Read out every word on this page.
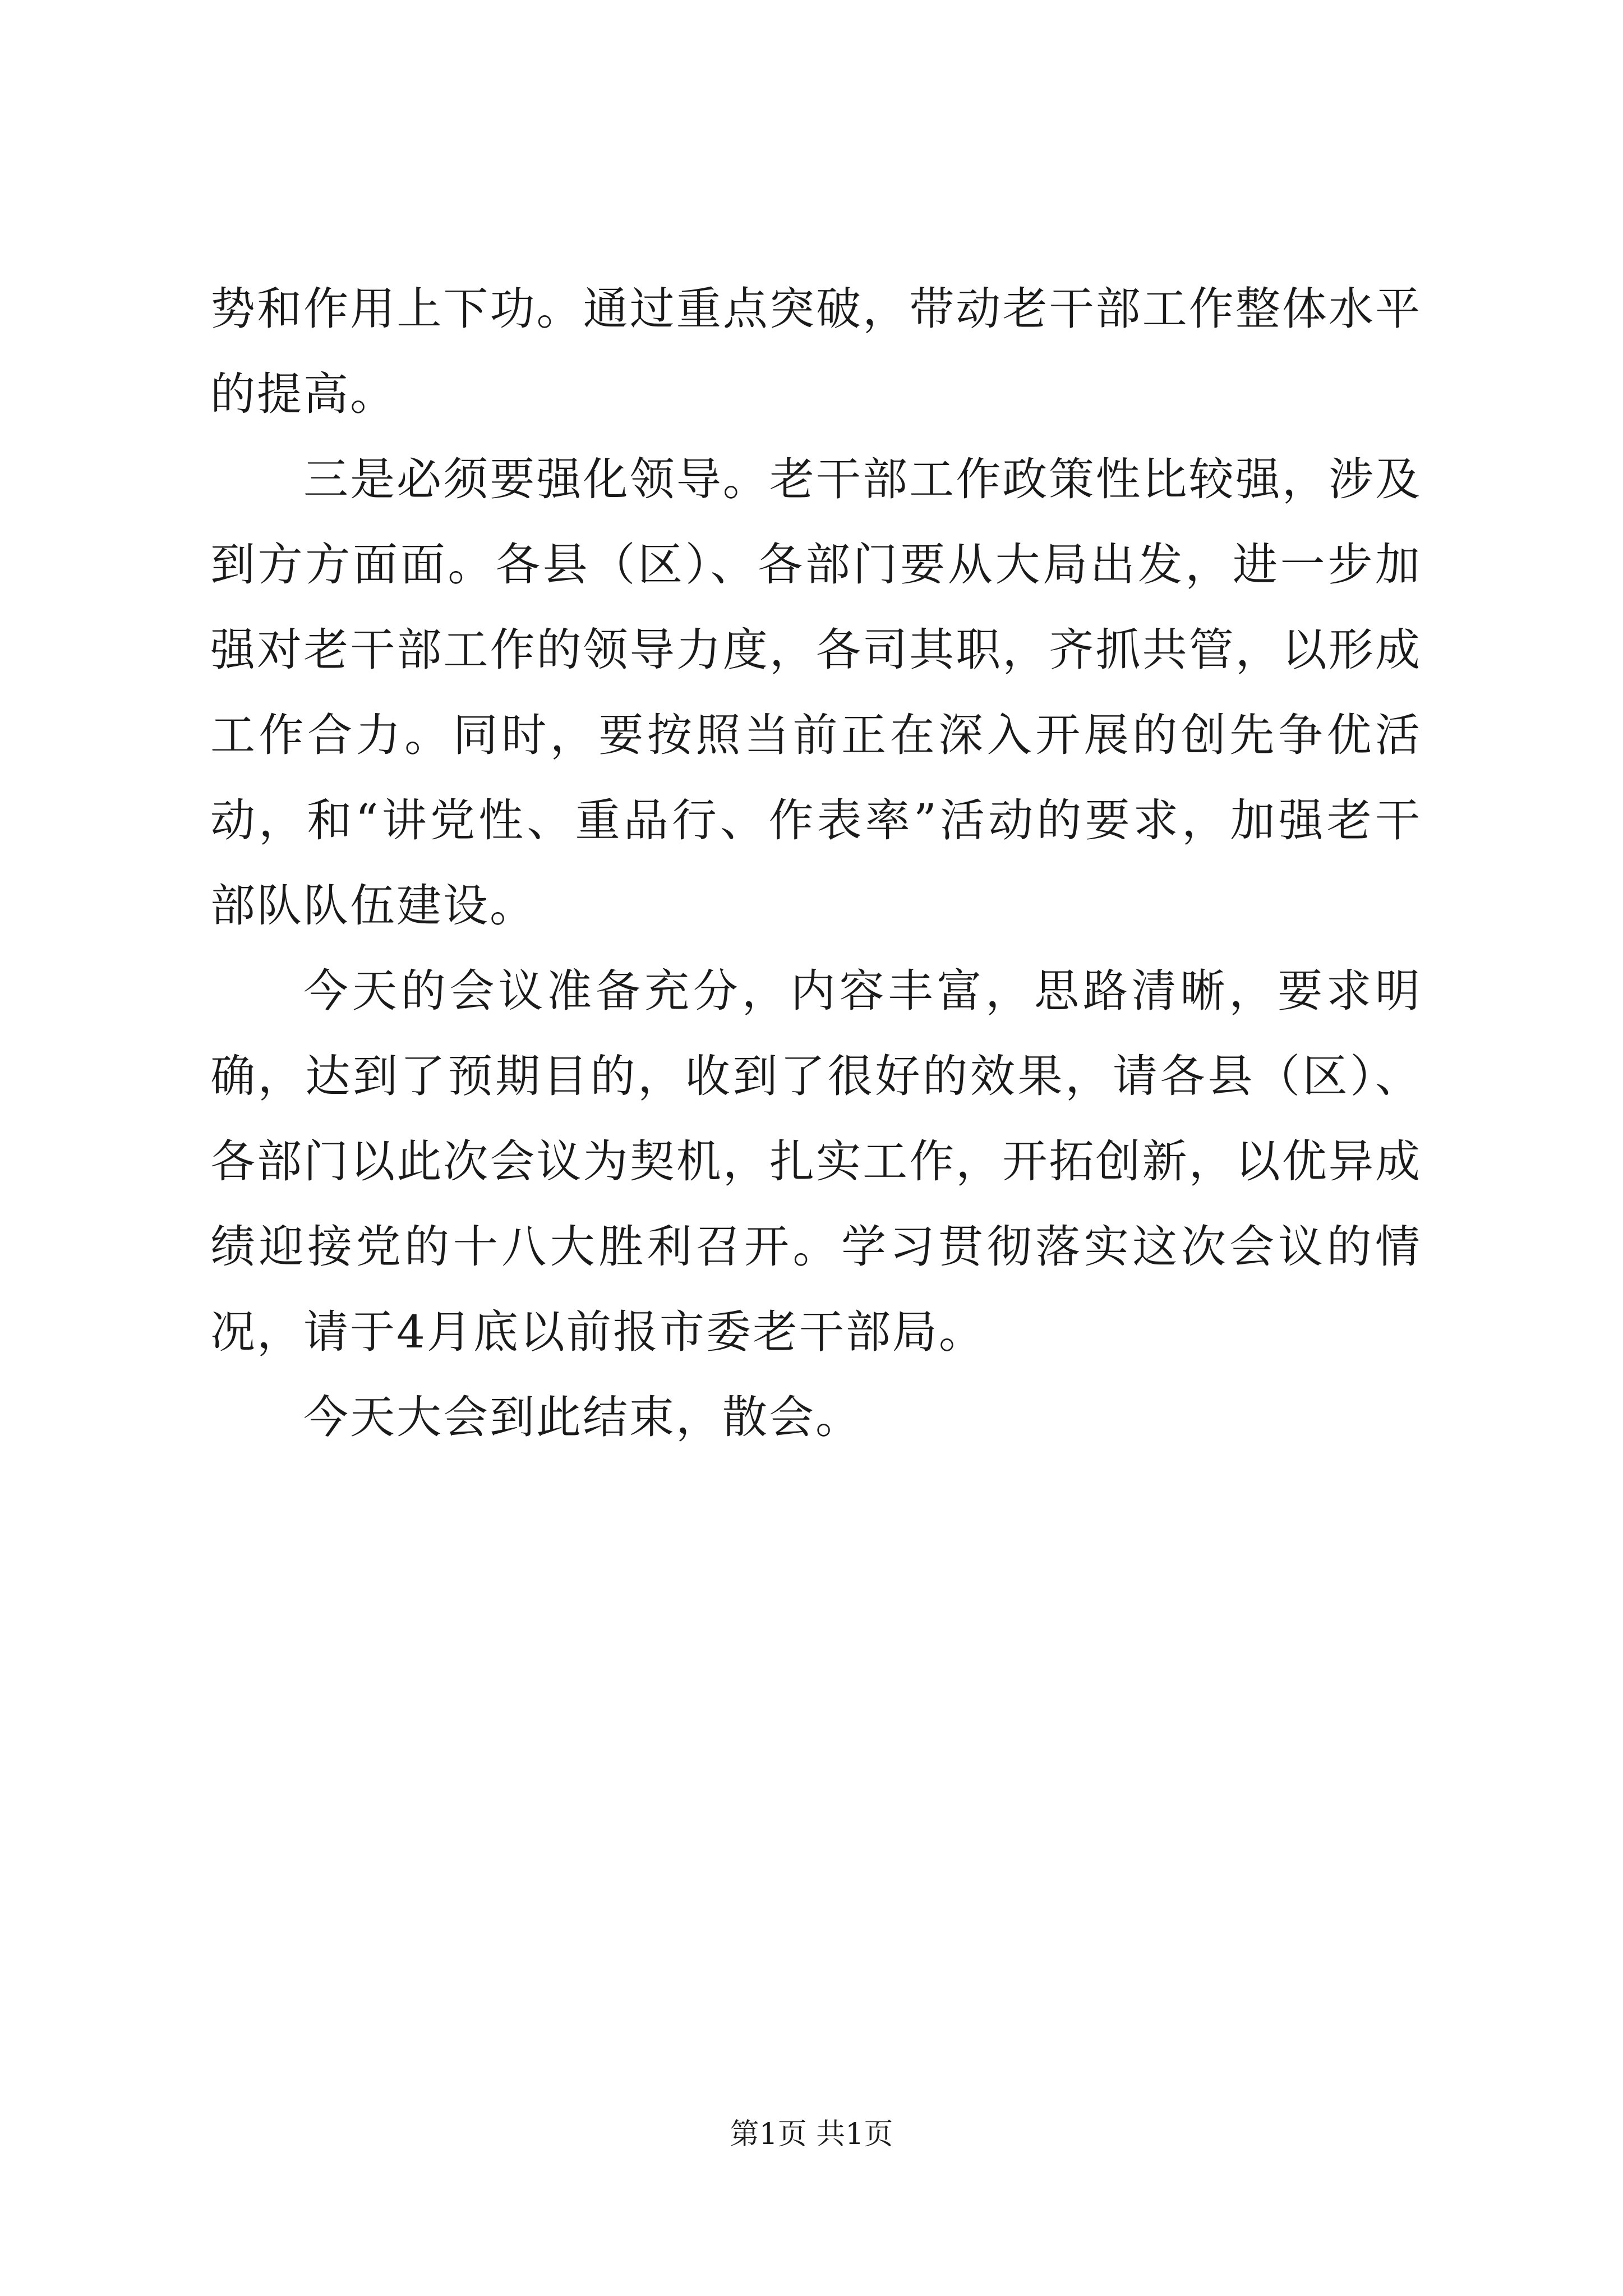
势和作用上下功。通过重点突破，带动老干部工作整体水平的提高。

三是必须要强化领导。老干部工作政策性比较强，涉及到方方面面。各县（区）、各部门要从大局出发，进一步加强对老干部工作的领导力度，各司其职，齐抓共管，以形成工作合力。同时，要按照当前正在深入开展的创先争优活动，和“讲党性、重品行、作表率”活动的要求，加强老干部队队伍建设。

今天的会议准备充分，内容丰富，思路清晰，要求明确，达到了预期目的，收到了很好的效果，请各县（区）、各部门以此次会议为契机，扎实工作，开拓创新，以优异成绩迎接党的十八大胜利召开。学习贯彻落实这次会议的情况，请于4月底以前报市委老干部局。

今天大会到此结束，散会。

第1页 共1页
